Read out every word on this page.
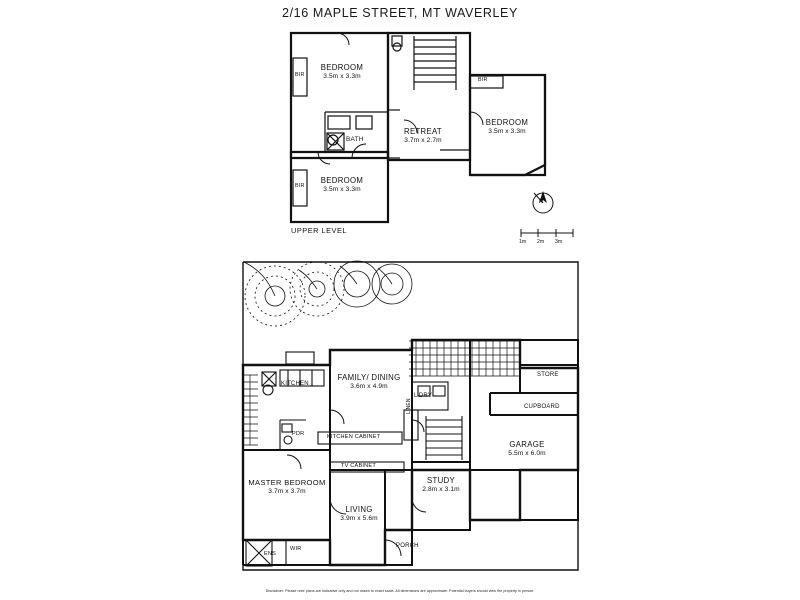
2/16 MAPLE STREET, MT WAVERLEY
BEDROOM
3.5m x 3.3m
BEDROOM
3.5m x 3.3m
BEDROOM
3.5m x 3.3m
RETREAT
3.7m x 2.7m
BATH
BIR
BIR
BIR
UPPER LEVEL
N
1m 2m 3m
MASTER BEDROOM
3.7m x 3.7m
LIVING
3.9m x 5.6m
FAMILY/ DINING
3.6m x 4.9m
STUDY
2.8m x 3.1m
GARAGE
5.5m x 6.0m
KITCHEN
L'DRY
STORE
CUPBOARD
KITCHEN CABINET
TV CABINET
PORCH
PDR
ENS
WIR
LINEN
Disclaimer: Please note plans are indicative only and not drawn to exact scale. All dimensions are approximate. Potential buyers should view the property in person.
